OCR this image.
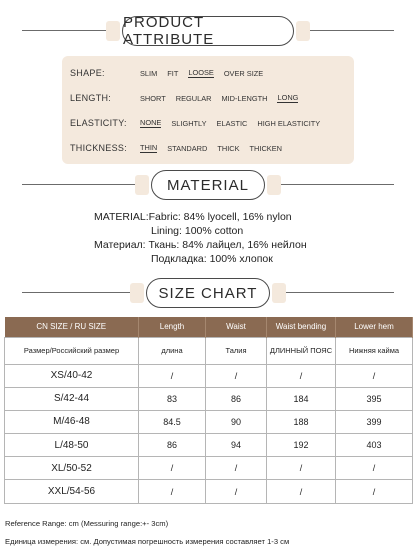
PRODUCT ATTRIBUTE
SHAPE:	SLIM FIT LOOSE OVER SIZE
LENGTH:	SHORT REGULAR MID-LENGTH LONG
ELASTICITY:	NONE SLIGHTLY ELASTIC HIGH ELASTICITY
THICKNESS:	THIN STANDARD THICK THICKEN
MATERIAL
MATERIAL:Fabric: 84% lyocell, 16% nylon
Lining: 100% cotton
Материал: Ткань: 84% лайцел, 16% нейлон
Подкладка: 100% хлопок
SIZE CHART
CN SIZE / RU SIZE	Length	Waist	Waist bending	Lower hem
Размер/Российский размер	длина	Талия	ДЛИННЫЙ ПОЯС	Нижняя кайма
XS/40-42	/	/	/	/
S/42-44	83	86	184	395
M/46-48	84.5	90	188	399
L/48-50	86	94	192	403
XL/50-52	/	/	/	/
XXL/54-56	/	/	/	/
Reference Range: cm (Messuring range:+- 3cm)
Единица измерения: см. Допустимая погрешность измерения составляет 1-3 см
